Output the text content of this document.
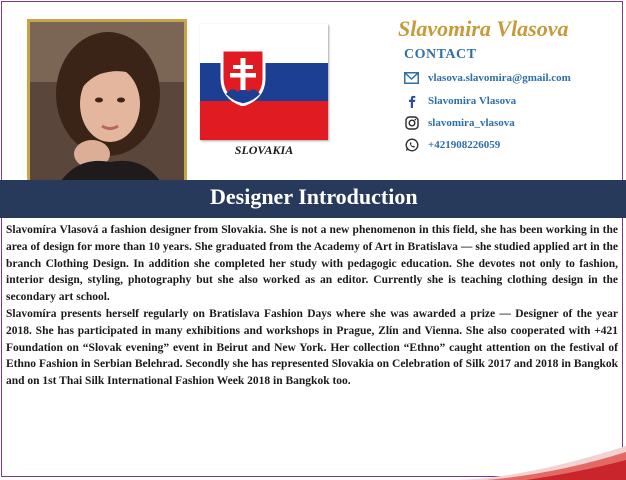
SLOVAKIA
Slavomira Vlasova
CONTACT
vlasova.slavomira@gmail.com
Slavomira Vlasova
slavomira_vlasova
+421908226059
Designer Introduction

Slavomíra Vlasová a fashion designer from Slovakia. She is not a new phenomenon in this field, she has been working in the area of design for more than 10 years. She graduated from the Academy of Art in Bratislava — she studied applied art in the branch Clothing Design. In addition she completed her study with pedagogic education. She devotes not only to fashion, interior design, styling, photography but she also worked as an editor. Currently she is teaching clothing design in the secondary art school.

Slavomíra presents herself regularly on Bratislava Fashion Days where she was awarded a prize — Designer of the year 2018. She has participated in many exhibitions and workshops in Prague, Zlín and Vienna. She also cooperated with +421 Foundation on “Slovak evening” event in Beirut and New York. Her collection “Ethno” caught attention on the festival of Ethno Fashion in Serbian Belehrad. Secondly she has represented Slovakia on Celebration of Silk 2017 and 2018 in Bangkok and on 1st Thai Silk International Fashion Week 2018 in Bangkok too.
